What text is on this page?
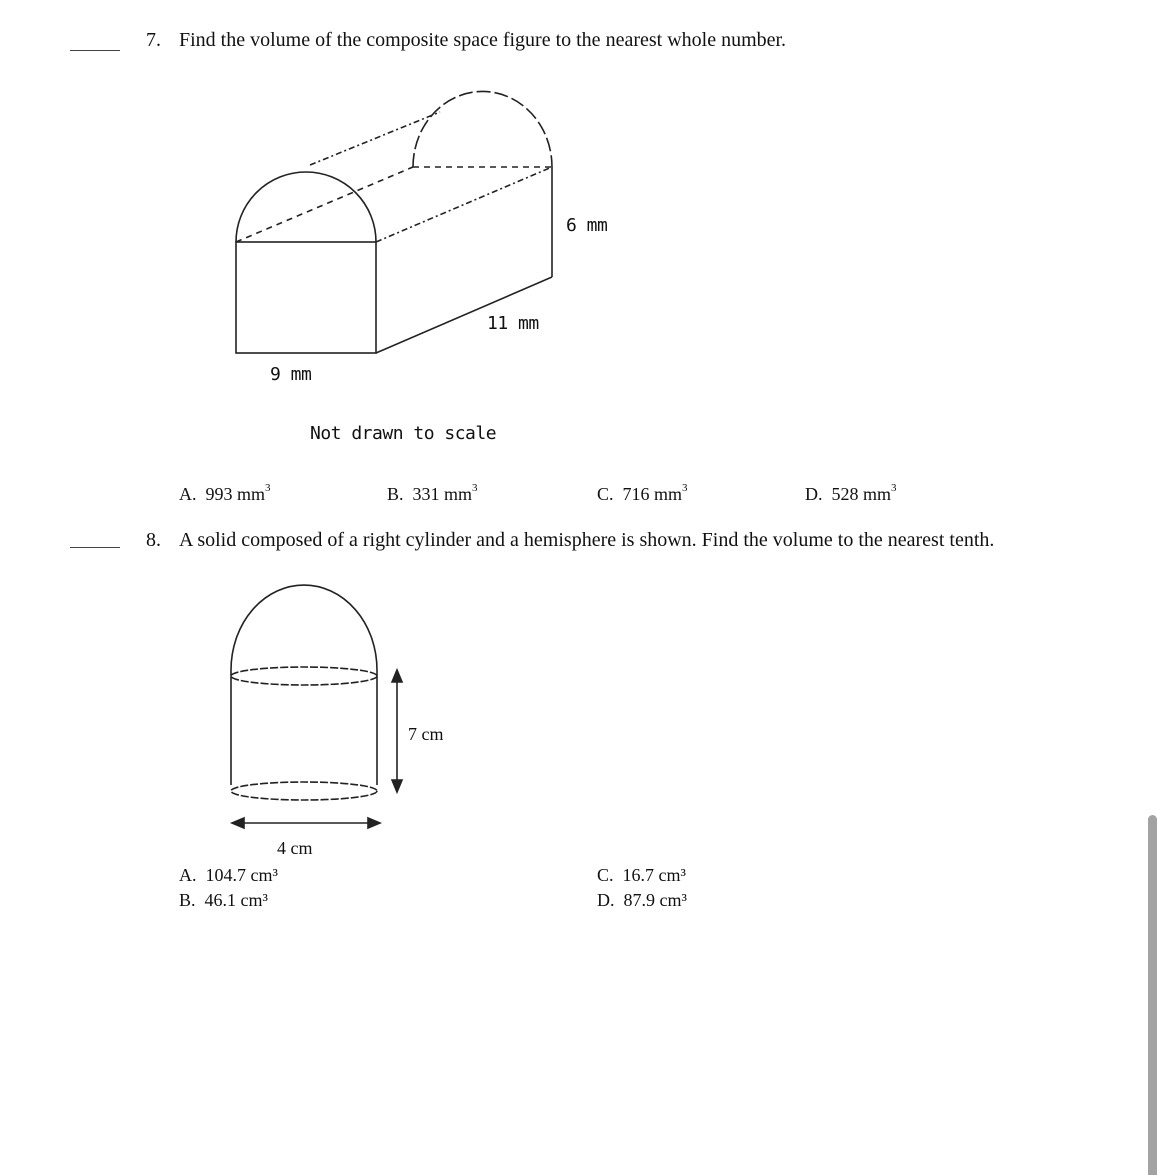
7. Find the volume of the composite space figure to the nearest whole number.
6 mm
11 mm
9 mm
Not drawn to scale
A. 993 $mm^3$	B. 331 $mm^3$	C. 716 $mm^3$	D. 528 $mm^3$
8. A solid composed of a right cylinder and a hemisphere is shown. Find the volume to the nearest tenth.
7 cm
4 cm
A. 104.7 cm³
B. 46.1 cm³
C. 16.7 cm³
D. 87.9 cm³
